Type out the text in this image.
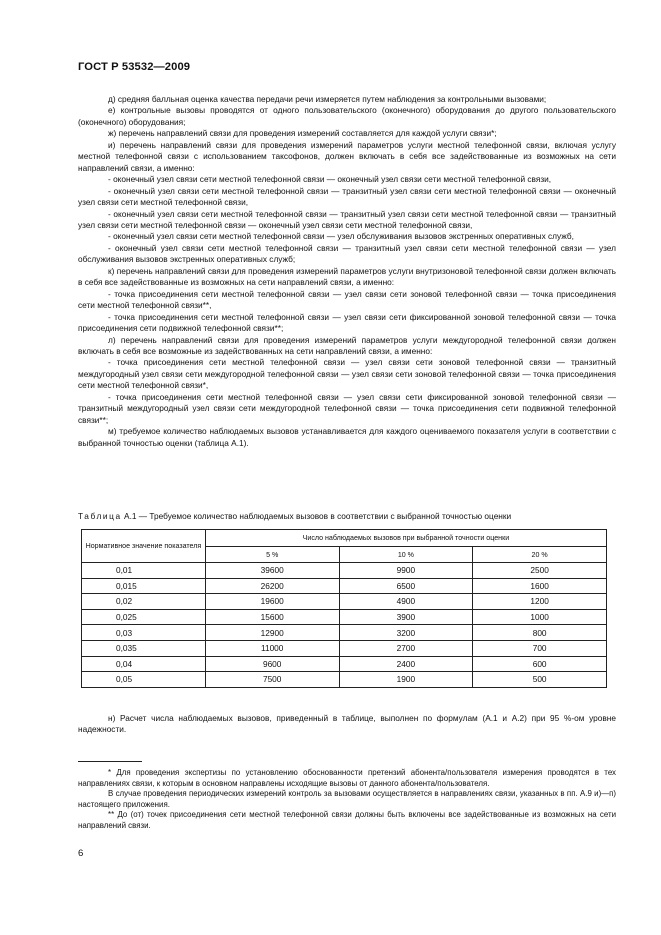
ГОСТ Р 53532—2009

д) средняя балльная оценка качества передачи речи измеряется путем наблюдения за контрольными вызовами;

е) контрольные вызовы проводятся от одного пользовательского (оконечного) оборудования до другого пользовательского (оконечного) оборудования;

ж) перечень направлений связи для проведения измерений составляется для каждой услуги связи*;

и) перечень направлений связи для проведения измерений параметров услуги местной телефонной связи, включая услугу местной телефонной связи с использованием таксофонов, должен включать в себя все задействованные из возможных на сети направлений связи, а именно:

- оконечный узел связи сети местной телефонной связи — оконечный узел связи сети местной телефонной связи,

- оконечный узел связи сети местной телефонной связи — транзитный узел связи сети местной телефонной связи — оконечный узел связи сети местной телефонной связи,

- оконечный узел связи сети местной телефонной связи — транзитный узел связи сети местной телефонной связи — транзитный узел связи сети местной телефонной связи — оконечный узел связи сети местной телефонной связи,

- оконечный узел связи сети местной телефонной связи — узел обслуживания вызовов экстренных оперативных служб,

- оконечный узел связи сети местной телефонной связи — транзитный узел связи сети местной телефонной связи — узел обслуживания вызовов экстренных оперативных служб;

к) перечень направлений связи для проведения измерений параметров услуги внутризоновой телефонной связи должен включать в себя все задействованные из возможных на сети направлений связи, а именно:

- точка присоединения сети местной телефонной связи — узел связи сети зоновой телефонной связи — точка присоединения сети местной телефонной связи**,

- точка присоединения сети местной телефонной связи — узел связи сети фиксированной зоновой телефонной связи — точка присоединения сети подвижной телефонной связи**;

л) перечень направлений связи для проведения измерений параметров услуги междугородной телефонной связи должен включать в себя все возможные из задействованных на сети направлений связи, а именно:

- точка присоединения сети местной телефонной связи — узел связи сети зоновой телефонной связи — транзитный междугородный узел связи сети междугородной телефонной связи — узел связи сети зоновой телефонной связи — точка присоединения сети местной телефонной связи*,

- точка присоединения сети местной телефонной связи — узел связи сети фиксированной зоновой телефонной связи — транзитный междугородный узел связи сети междугородной телефонной связи — точка присоединения сети подвижной телефонной связи**;

м) требуемое количество наблюдаемых вызовов устанавливается для каждого оцениваемого показателя услуги в соответствии с выбранной точностью оценки (таблица А.1).

Таблица А.1 — Требуемое количество наблюдаемых вызовов в соответствии с выбранной точностью оценки
Нормативное значение показателя	Число наблюдаемых вызовов при выбранной точности оценки		
	5 %	10 %	20 %
0,01	39600	9900	2500
0,015	26200	6500	1600
0,02	19600	4900	1200
0,025	15600	3900	1000
0,03	12900	3200	800
0,035	11000	2700	700
0,04	9600	2400	600
0,05	7500	1900	500

н) Расчет числа наблюдаемых вызовов, приведенный в таблице, выполнен по формулам (А.1 и А.2) при 95 %-ом уровне надежности.

* Для проведения экспертизы по установлению обоснованности претензий абонента/пользователя измерения проводятся в тех направлениях связи, к которым в основном направлены исходящие вызовы от данного абонента/пользователя.

В случае проведения периодических измерений контроль за вызовами осуществляется в направлениях связи, указанных в пп. А.9 и)—п) настоящего приложения.

** До (от) точек присоединения сети местной телефонной связи должны быть включены все задействованные из возможных на сети направлений связи.

6
